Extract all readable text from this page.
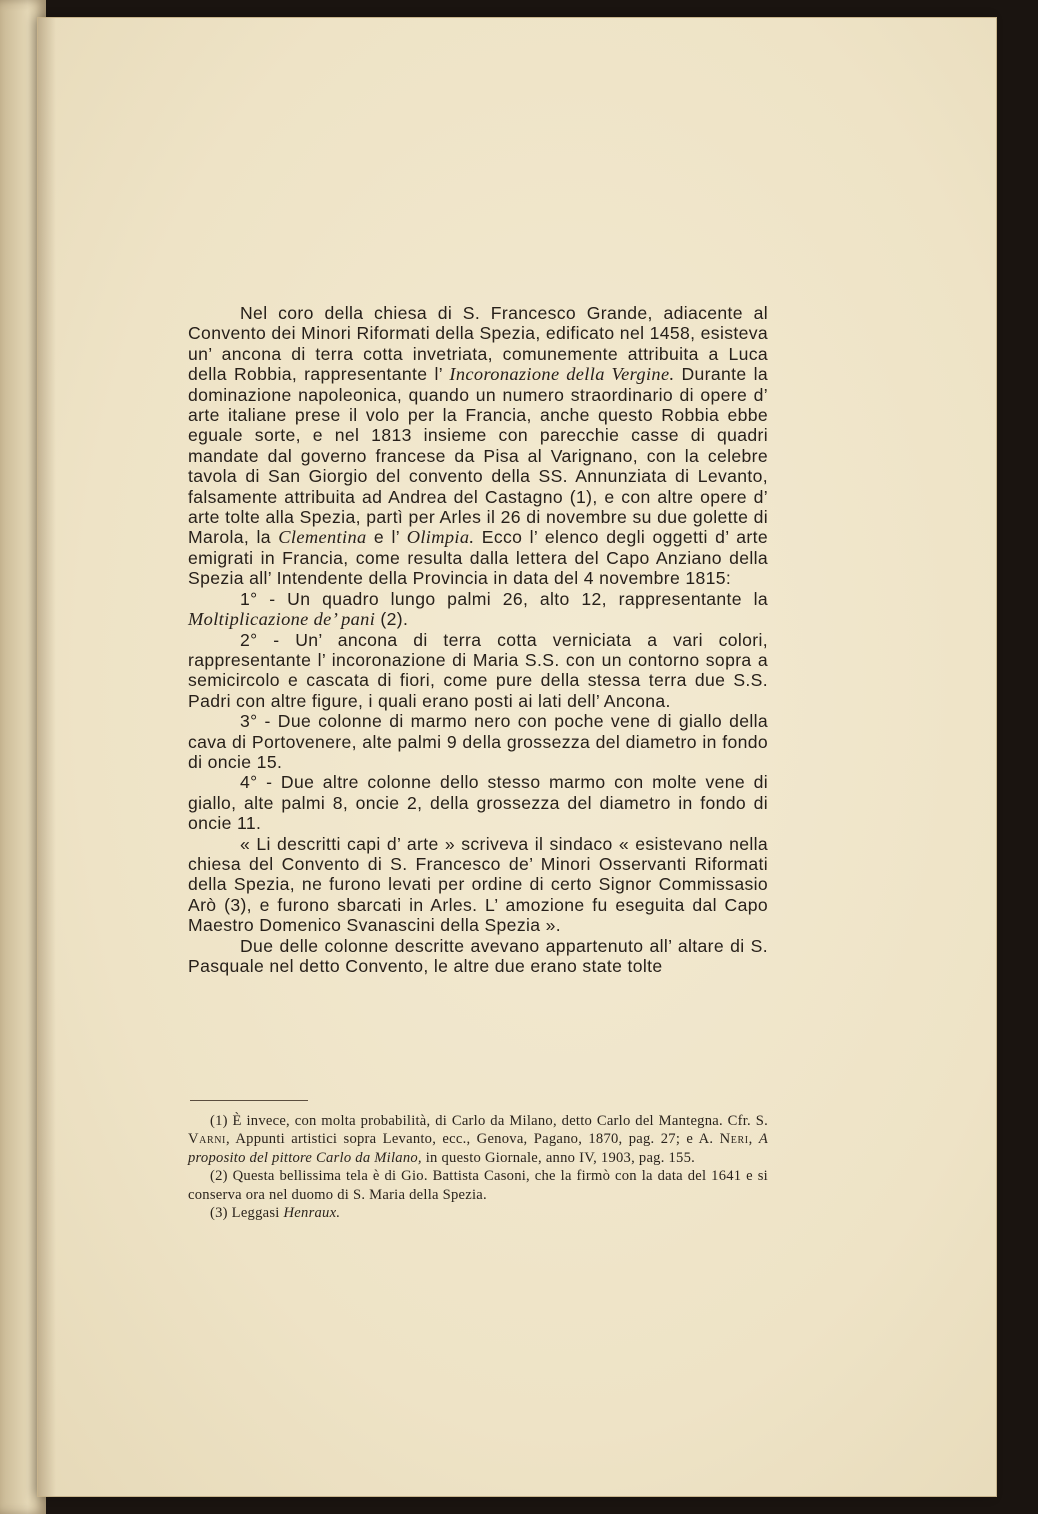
Nel coro della chiesa di S. Francesco Grande, adiacente al Convento dei Minori Riformati della Spezia, edificato nel 1458, esisteva un’ ancona di terra cotta invetriata, comunemente attribuita a Luca della Robbia, rappresentante l’ Incoronazione della Vergine. Durante la dominazione napoleonica, quando un numero straordinario di opere d’ arte italiane prese il volo per la Francia, anche questo Robbia ebbe eguale sorte, e nel 1813 insieme con parecchie casse di quadri mandate dal governo francese da Pisa al Varignano, con la celebre tavola di San Giorgio del convento della SS. Annunziata di Levanto, falsamente attribuita ad Andrea del Castagno (1), e con altre opere d’ arte tolte alla Spezia, partì per Arles il 26 di novembre su due golette di Marola, la Clementina e l’ Olimpia. Ecco l’ elenco degli oggetti d’ arte emigrati in Francia, come resulta dalla lettera del Capo Anziano della Spezia all’ Intendente della Provincia in data del 4 novembre 1815:

1° - Un quadro lungo palmi 26, alto 12, rappresentante la Moltiplicazione de’ pani (2).

2° - Un’ ancona di terra cotta verniciata a vari colori, rappresentante l’ incoronazione di Maria S.S. con un contorno sopra a semicircolo e cascata di fiori, come pure della stessa terra due S.S. Padri con altre figure, i quali erano posti ai lati dell’ Ancona.

3° - Due colonne di marmo nero con poche vene di giallo della cava di Portovenere, alte palmi 9 della grossezza del diametro in fondo di oncie 15.

4° - Due altre colonne dello stesso marmo con molte vene di giallo, alte palmi 8, oncie 2, della grossezza del diametro in fondo di oncie 11.

« Li descritti capi d’ arte » scriveva il sindaco « esistevano nella chiesa del Convento di S. Francesco de’ Minori Osservanti Riformati della Spezia, ne furono levati per ordine di certo Signor Commissasio Arò (3), e furono sbarcati in Arles. L’ amozione fu eseguita dal Capo Maestro Domenico Svanascini della Spezia ».

Due delle colonne descritte avevano appartenuto all’ altare di S. Pasquale nel detto Convento, le altre due erano state tolte

(1) È invece, con molta probabilità, di Carlo da Milano, detto Carlo del Mantegna. Cfr. S. Varni, Appunti artistici sopra Levanto, ecc., Genova, Pagano, 1870, pag. 27; e A. Neri, A proposito del pittore Carlo da Milano, in questo Giornale, anno IV, 1903, pag. 155.

(2) Questa bellissima tela è di Gio. Battista Casoni, che la firmò con la data del 1641 e si conserva ora nel duomo di S. Maria della Spezia.

(3) Leggasi Henraux.
